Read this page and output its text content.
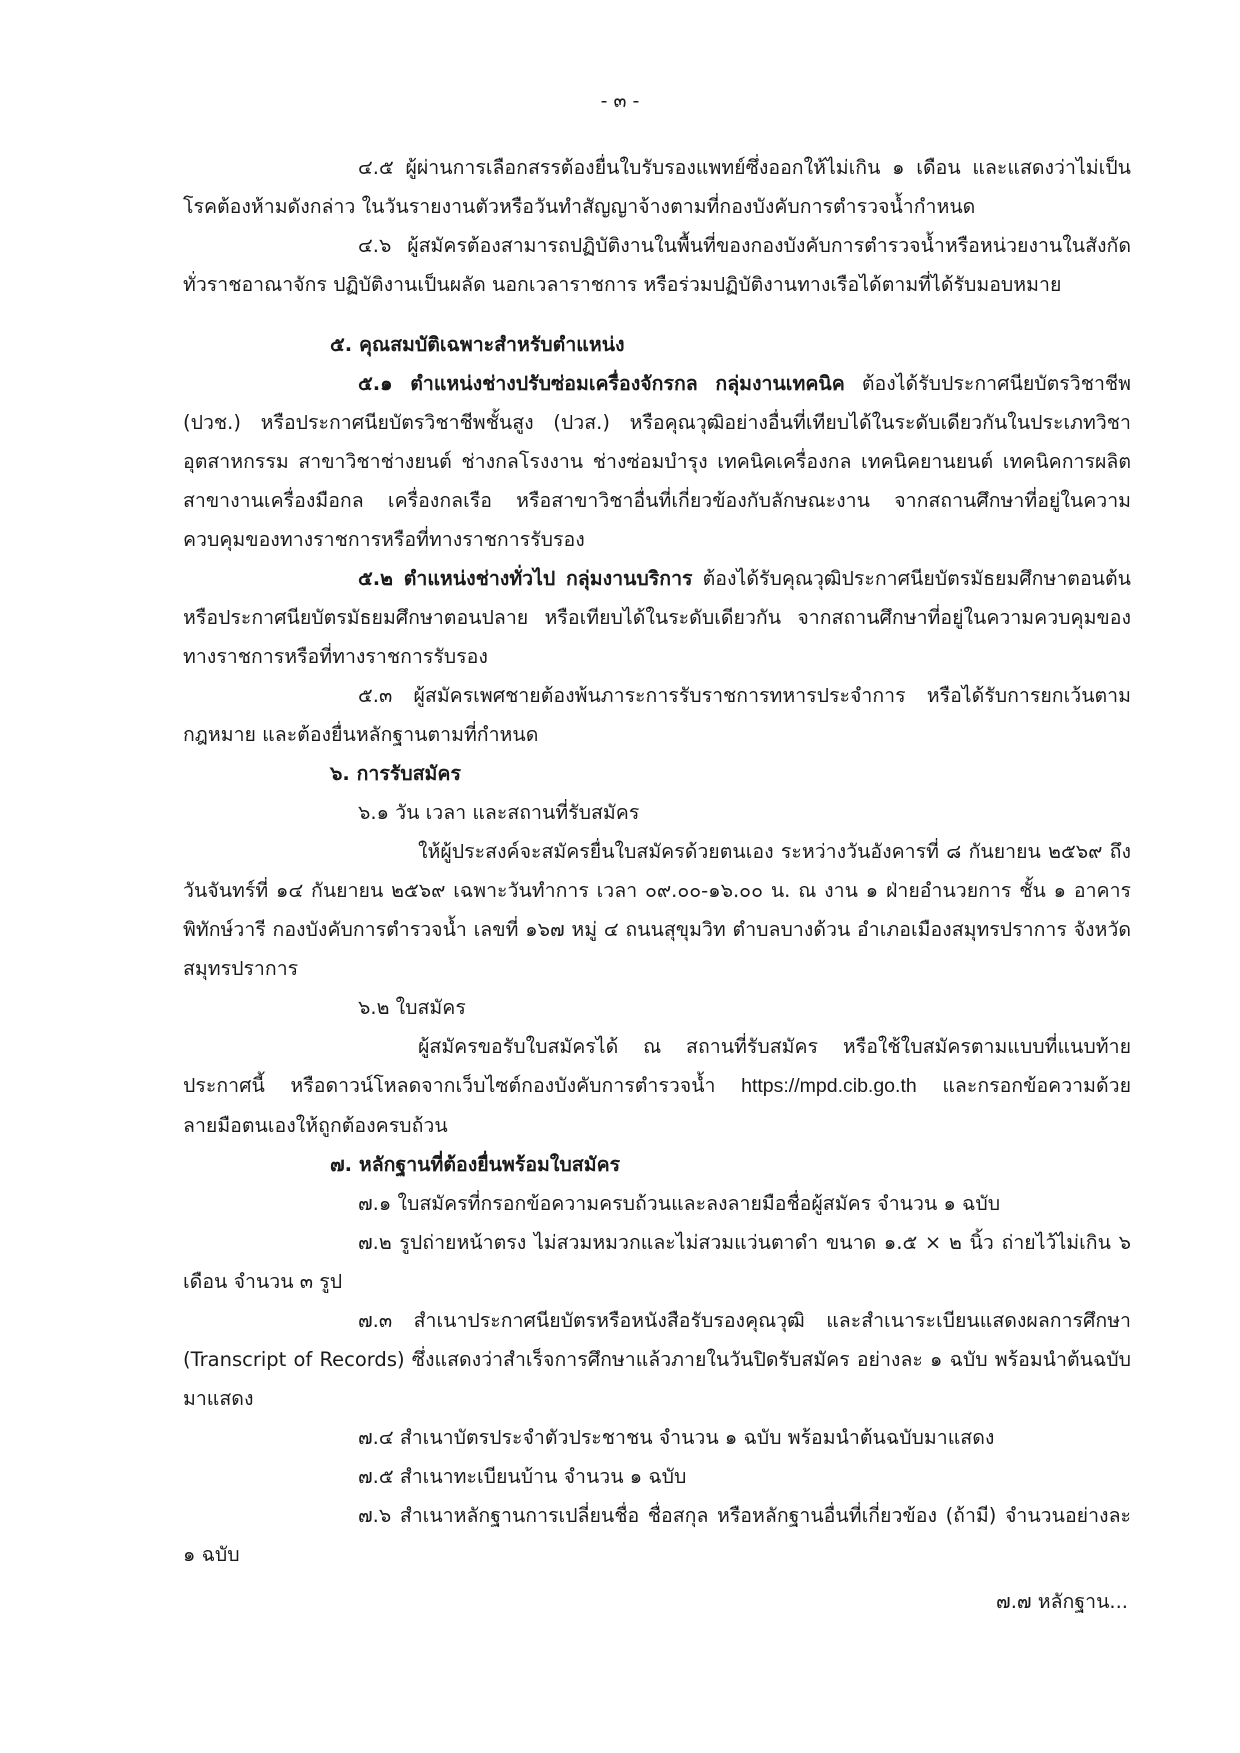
- ๓ -

๔.๕ ผู้ผ่านการเลือกสรรต้องยื่นใบรับรองแพทย์ซึ่งออกให้ไม่เกิน ๑ เดือน และแสดงว่าไม่เป็นโรคต้องห้ามดังกล่าว ในวันรายงานตัวหรือวันทำสัญญาจ้างตามที่กองบังคับการตำรวจน้ำกำหนด

๔.๖ ผู้สมัครต้องสามารถปฏิบัติงานในพื้นที่ของกองบังคับการตำรวจน้ำหรือหน่วยงานในสังกัดทั่วราชอาณาจักร ปฏิบัติงานเป็นผลัด นอกเวลาราชการ หรือร่วมปฏิบัติงานทางเรือได้ตามที่ได้รับมอบหมาย

๕. คุณสมบัติเฉพาะสำหรับตำแหน่ง

๕.๑ ตำแหน่งช่างปรับซ่อมเครื่องจักรกล กลุ่มงานเทคนิค ต้องได้รับประกาศนียบัตรวิชาชีพ (ปวช.) หรือประกาศนียบัตรวิชาชีพชั้นสูง (ปวส.) หรือคุณวุฒิอย่างอื่นที่เทียบได้ในระดับเดียวกันในประเภทวิชาอุตสาหกรรม สาขาวิชาช่างยนต์ ช่างกลโรงงาน ช่างซ่อมบำรุง เทคนิคเครื่องกล เทคนิคยานยนต์ เทคนิคการผลิต สาขางานเครื่องมือกล เครื่องกลเรือ หรือสาขาวิชาอื่นที่เกี่ยวข้องกับลักษณะงาน จากสถานศึกษาที่อยู่ในความควบคุมของทางราชการหรือที่ทางราชการรับรอง

๕.๒ ตำแหน่งช่างทั่วไป กลุ่มงานบริการ ต้องได้รับคุณวุฒิประกาศนียบัตรมัธยมศึกษาตอนต้น หรือประกาศนียบัตรมัธยมศึกษาตอนปลาย หรือเทียบได้ในระดับเดียวกัน จากสถานศึกษาที่อยู่ในความควบคุมของทางราชการหรือที่ทางราชการรับรอง

๕.๓ ผู้สมัครเพศชายต้องพ้นภาระการรับราชการทหารประจำการ หรือได้รับการยกเว้นตามกฎหมาย และต้องยื่นหลักฐานตามที่กำหนด

๖. การรับสมัคร

๖.๑ วัน เวลา และสถานที่รับสมัคร

ให้ผู้ประสงค์จะสมัครยื่นใบสมัครด้วยตนเอง ระหว่างวันอังคารที่ ๘ กันยายน ๒๕๖๙ ถึงวันจันทร์ที่ ๑๔ กันยายน ๒๕๖๙ เฉพาะวันทำการ เวลา ๐๙.๐๐-๑๖.๐๐ น. ณ งาน ๑ ฝ่ายอำนวยการ ชั้น ๑ อาคารพิทักษ์วารี กองบังคับการตำรวจน้ำ เลขที่ ๑๖๗ หมู่ ๔ ถนนสุขุมวิท ตำบลบางด้วน อำเภอเมืองสมุทรปราการ จังหวัดสมุทรปราการ

๖.๒ ใบสมัคร

ผู้สมัครขอรับใบสมัครได้ ณ สถานที่รับสมัคร หรือใช้ใบสมัครตามแบบที่แนบท้ายประกาศนี้ หรือดาวน์โหลดจากเว็บไซต์กองบังคับการตำรวจน้ำ https://mpd.cib.go.th และกรอกข้อความด้วยลายมือตนเองให้ถูกต้องครบถ้วน

๗. หลักฐานที่ต้องยื่นพร้อมใบสมัคร

๗.๑ ใบสมัครที่กรอกข้อความครบถ้วนและลงลายมือชื่อผู้สมัคร จำนวน ๑ ฉบับ

๗.๒ รูปถ่ายหน้าตรง ไม่สวมหมวกและไม่สวมแว่นตาดำ ขนาด ๑.๕ × ๒ นิ้ว ถ่ายไว้ไม่เกิน ๖ เดือน จำนวน ๓ รูป

๗.๓ สำเนาประกาศนียบัตรหรือหนังสือรับรองคุณวุฒิ และสำเนาระเบียนแสดงผลการศึกษา (Transcript of Records) ซึ่งแสดงว่าสำเร็จการศึกษาแล้วภายในวันปิดรับสมัคร อย่างละ ๑ ฉบับ พร้อมนำต้นฉบับมาแสดง

๗.๔ สำเนาบัตรประจำตัวประชาชน จำนวน ๑ ฉบับ พร้อมนำต้นฉบับมาแสดง

๗.๕ สำเนาทะเบียนบ้าน จำนวน ๑ ฉบับ

๗.๖ สำเนาหลักฐานการเปลี่ยนชื่อ ชื่อสกุล หรือหลักฐานอื่นที่เกี่ยวข้อง (ถ้ามี) จำนวนอย่างละ ๑ ฉบับ

๗.๗ หลักฐาน...
